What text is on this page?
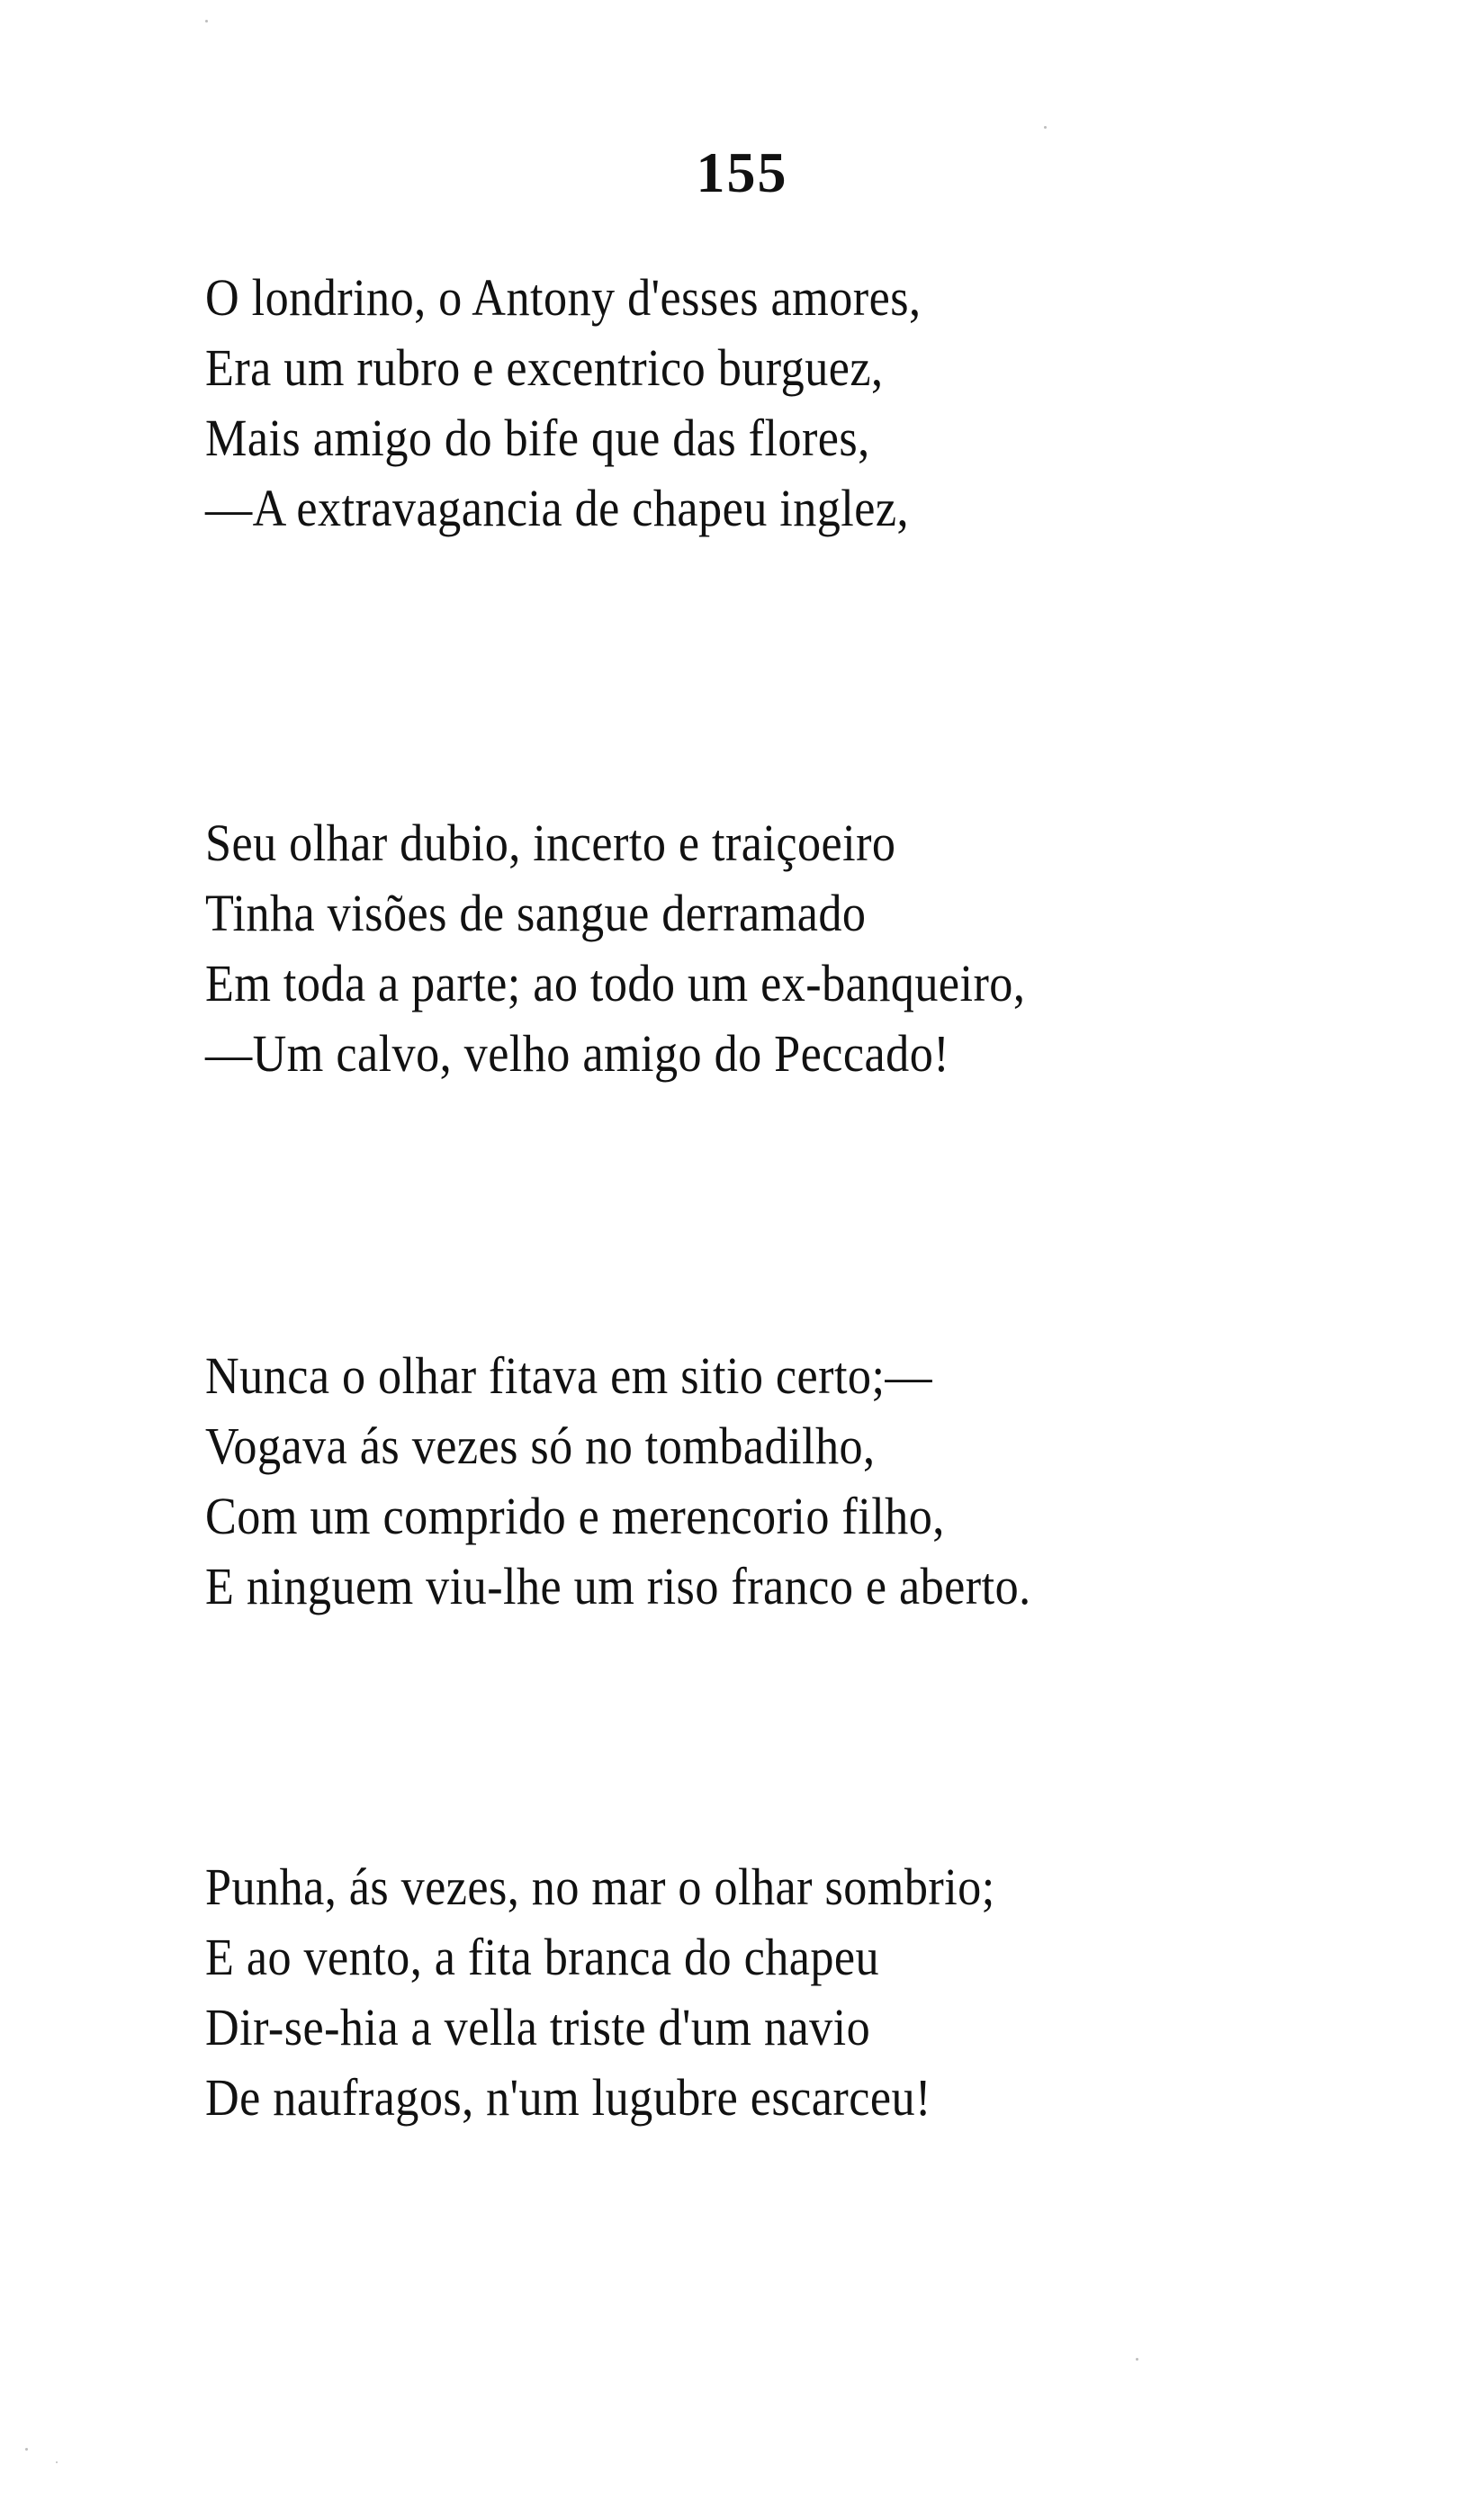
155
O londrino, o Antony d'esses amores,
Era um rubro e excentrico burguez,
Mais amigo do bife que das flores,
—A extravagancia de chapeu inglez,
Seu olhar dubio, incerto e traiçoeiro
Tinha visões de sangue derramado
Em toda a parte; ao todo um ex-banqueiro,
—Um calvo, velho amigo do Peccado!
Nunca o olhar fitava em sitio certo;—
Vogava ás vezes só no tombadilho,
Com um comprido e merencorio filho,
E ninguem viu-lhe um riso franco e aberto.
Punha, ás vezes, no mar o olhar sombrio;
E ao vento, a fita branca do chapeu
Dir-se-hia a vella triste d'um navio
De naufragos, n'um lugubre escarceu!
